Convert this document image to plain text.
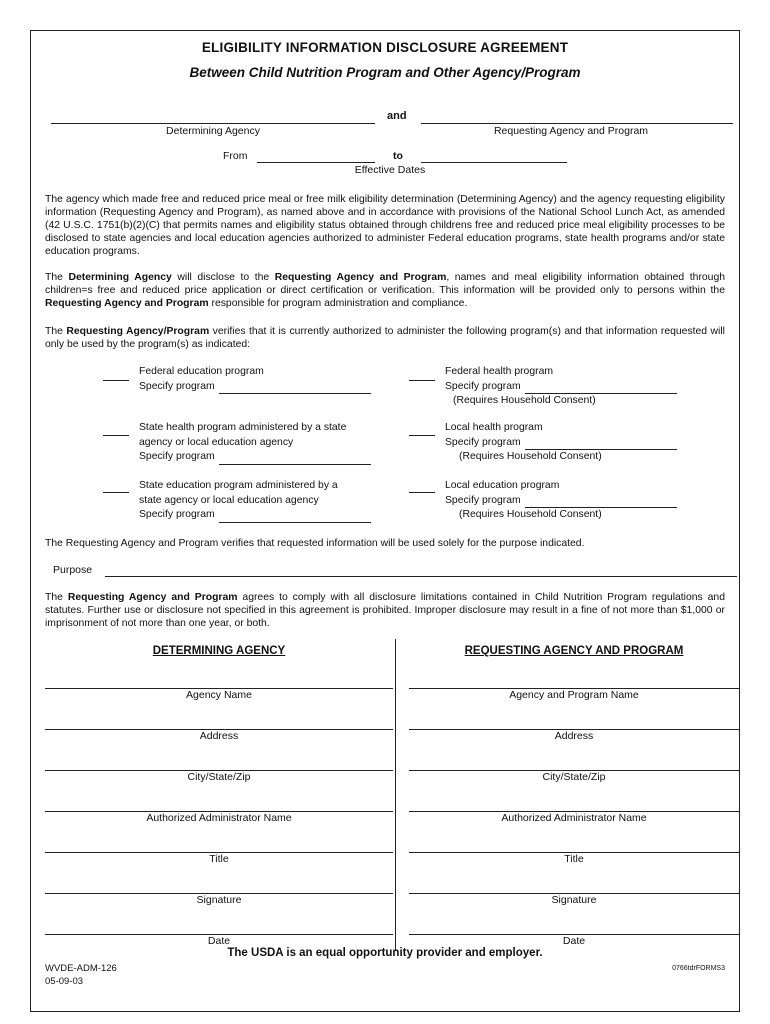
ELIGIBILITY INFORMATION DISCLOSURE AGREEMENT
Between Child Nutrition Program and Other Agency/Program
and
Determining Agency	Requesting Agency and Program
From	to
Effective Dates
The agency which made free and reduced price meal or free milk eligibility determination (Determining Agency) and the agency requesting eligibility information (Requesting Agency and Program), as named above and in accordance with provisions of the National School Lunch Act, as amended (42 U.S.C. 1751(b)(2)(C) that permits names and eligibility status obtained through childrens free and reduced price meal eligibility processes to be disclosed to state agencies and local education agencies authorized to administer Federal education programs, state health programs and/or state education programs.
The Determining Agency will disclose to the Requesting Agency and Program, names and meal eligibility information obtained through children=s free and reduced price application or direct certification or verification. This information will be provided only to persons within the Requesting Agency and Program responsible for program administration and compliance.
The Requesting Agency/Program verifies that it is currently authorized to administer the following program(s) and that information requested will only be used by the program(s) as indicated:
Federal education program
Specify program
Federal health program
Specify program
(Requires Household Consent)
State health program administered by a state
agency or local education agency
Specify program
Local health program
Specify program
(Requires Household Consent)
State education program administered by a
state agency or local education agency
Specify program
Local education program
Specify program
(Requires Household Consent)
The Requesting Agency and Program verifies that requested information will be used solely for the purpose indicated.
Purpose
The Requesting Agency and Program agrees to comply with all disclosure limitations contained in Child Nutrition Program regulations and statutes. Further use or disclosure not specified in this agreement is prohibited. Improper disclosure may result in a fine of not more than $1,000 or imprisonment of not more than one year, or both.
DETERMINING AGENCY	REQUESTING AGENCY AND PROGRAM
Agency Name
Address
City/State/Zip
Authorized Administrator Name
Title
Signature
Date
Agency and Program Name
Address
City/State/Zip
Authorized Administrator Name
Title
Signature
Date
The USDA is an equal opportunity provider and employer.
WVDE-ADM-126
05-09-03
0766tdrFORMS3
